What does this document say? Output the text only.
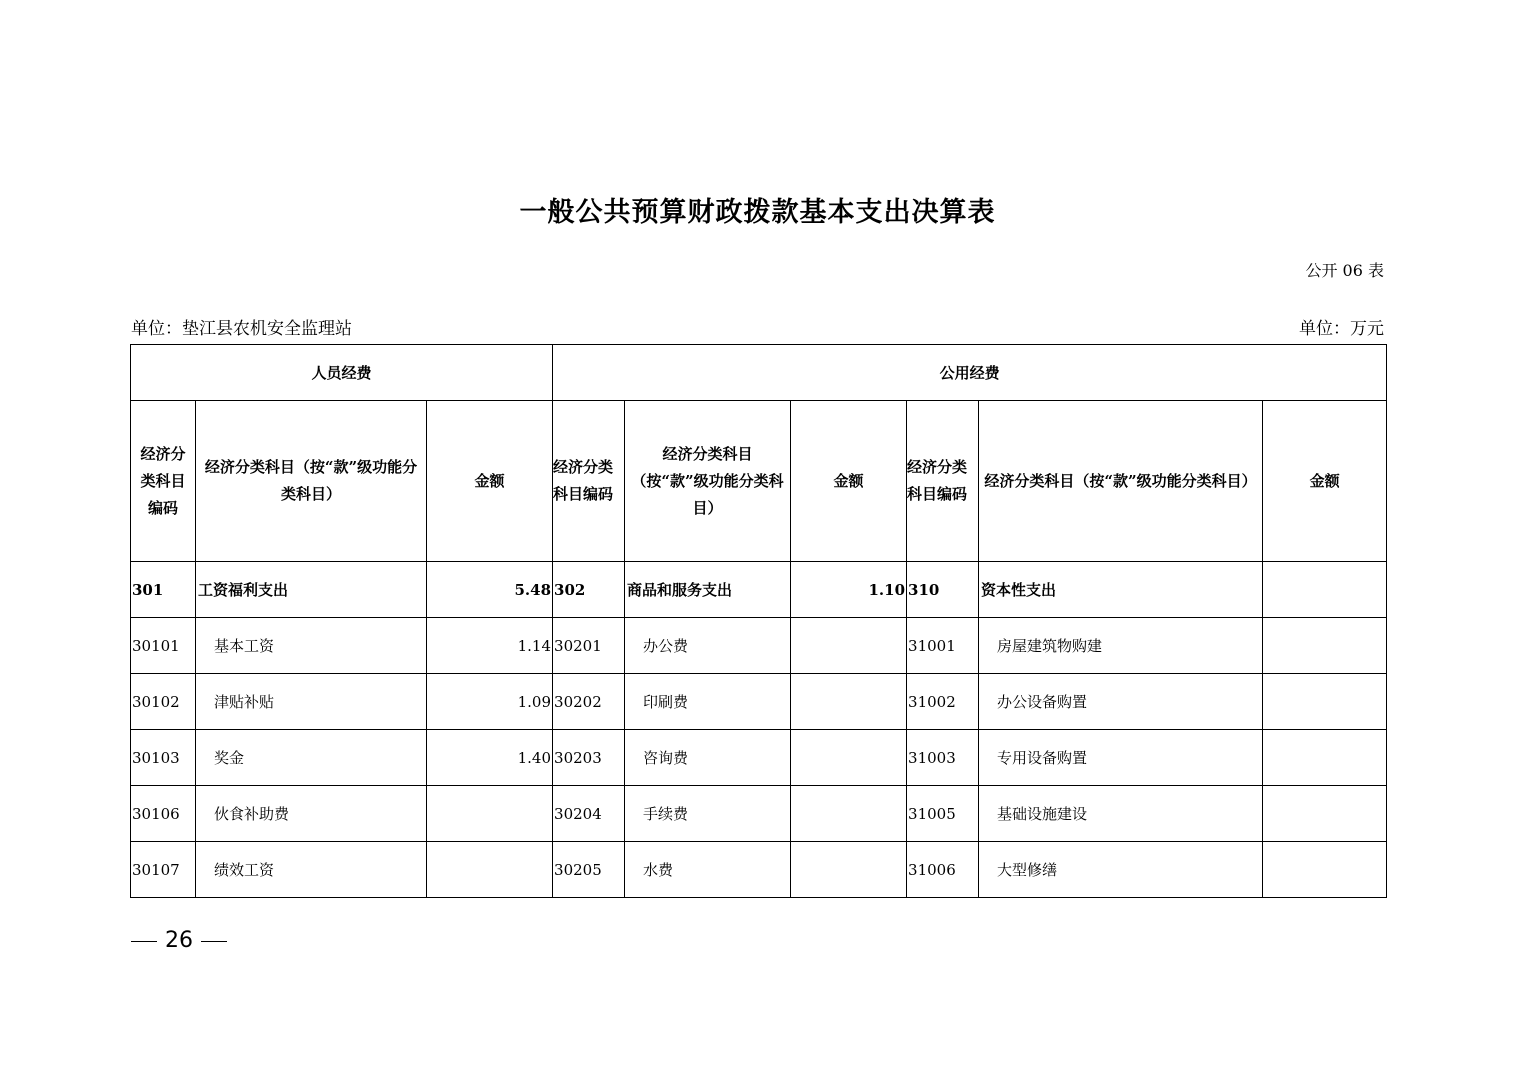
一般公共预算财政拨款基本支出决算表
公开 06 表
单位：垫江县农机安全监理站	单位：万元
人员经费			公用经费					

经济分类科目编码	经济分类科目（按“款”级功能分类科目）	金额	经济分类科目编码	经济分类科目（按“款”级功能分类科目）	金额	经济分类科目编码	经济分类科目（按“款”级功能分类科目）	金额
301	工资福利支出	5.48	302	商品和服务支出	1.10	310	资本性支出	
30101	基本工资	1.14	30201	办公费		31001	房屋建筑物购建	
30102	津贴补贴	1.09	30202	印刷费		31002	办公设备购置	
30103	奖金	1.40	30203	咨询费		31003	专用设备购置	
30106	伙食补助费		30204	手续费		31005	基础设施建设	
30107	绩效工资		30205	水费		31006	大型修缮	
26
